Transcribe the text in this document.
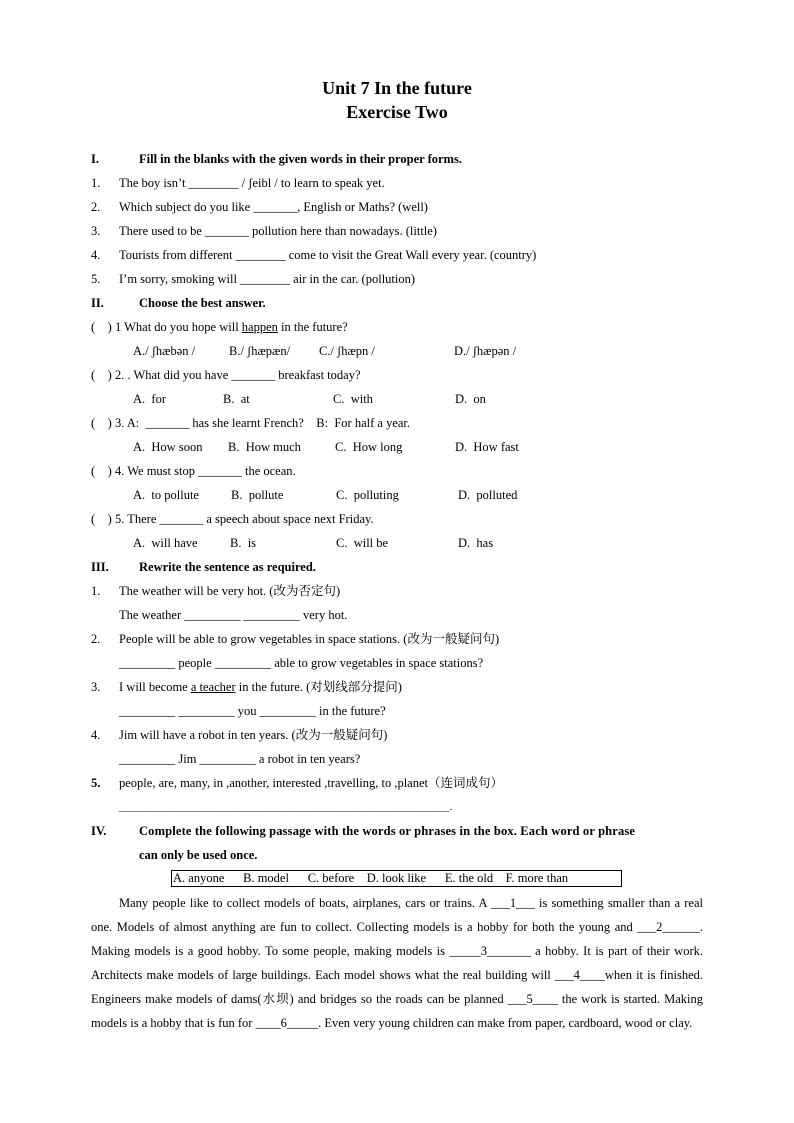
Unit 7 In the future
Exercise Two
I.	Fill in the blanks with the given words in their proper forms.
1. The boy isn’t ________ / ʃeibl / to learn to speak yet.
2. Which subject do you like _______, English or Maths? (well)
3. There used to be _______ pollution here than nowadays. (little)
4. Tourists from different ________ come to visit the Great Wall every year. (country)
5. I’m sorry, smoking will ________ air in the car. (pollution)
II.	Choose the best answer.
(    ) 1 What do you hope will happen in the future?
A./ ʃhæbən /	B./ ʃhæpæn/ C./ ʃhæpn /	D./ ʃhæpən /
(    ) 2. . What did you have _______ breakfast today?
A.  for	B.  at	C.  with	D.  on
(    ) 3. A:  _______ has she learnt French?    B:  For half a year.
A.  How soon B.  How much	C.  How long	D.  How fast
(    ) 4. We must stop _______ the ocean.
A.  to pollute	B.  pollute	C.  polluting	D.  polluted
(    ) 5. There _______ a speech about space next Friday.
A.  will have	B.  is	C.  will be	D.  has
III. Rewrite the sentence as required.
1. The weather will be very hot. (改为否定句)
The weather _________ _________ very hot.
2. People will be able to grow vegetables in space stations. (改为一般疑问句)
_________ people _________ able to grow vegetables in space stations?
3. I will become a teacher in the future. (对划线部分提问)
_________ _________ you _________ in the future?
4. Jim will have a robot in ten years. (改为一般疑问句)
_________ Jim _________ a robot in ten years?
5. people, are, many, in ,another, interested ,travelling, to ,planet（连词成句）
__________________________________________________________.
IV.	Complete the following passage with the words or phrases in the box. Each word or phrase
can only be used once.
A. anyone      B. model      C. before    D. look like      E. the old    F. more than
Many people like to collect models of boats, airplanes, cars or trains. A ___1___ is something smaller than a real one. Models of almost anything are fun to collect. Collecting models is a hobby for both the young and ___2______. Making models is a good hobby. To some people, making models is _____3_______ a hobby. It is part of their work. Architects make models of large buildings. Each model shows what the real building will ___4____when it is finished. Engineers make models of dams(水坝) and bridges so the roads can be planned ___5____ the work is started. Making models is a hobby that is fun for ____6_____. Even very young children can make from paper, cardboard, wood or clay.
